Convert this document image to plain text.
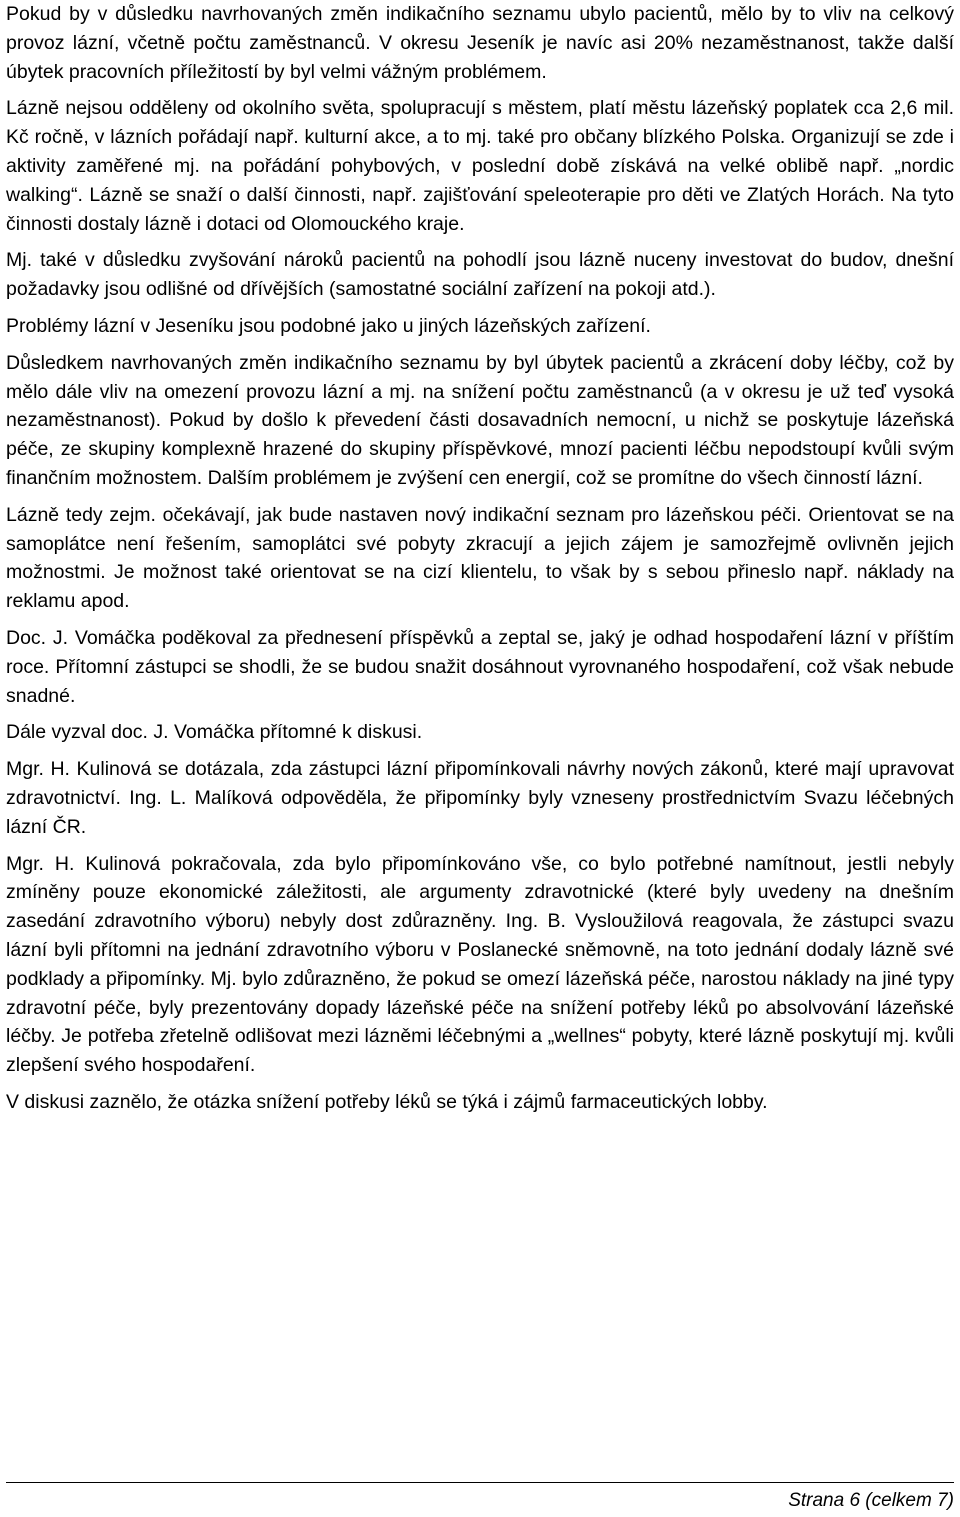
Pokud by v důsledku navrhovaných změn indikačního seznamu ubylo pacientů, mělo by to vliv na celkový provoz lázní, včetně počtu zaměstnanců. V okresu Jeseník je navíc asi 20% nezaměstnanost, takže další úbytek pracovních příležitostí by byl velmi vážným problémem.

Lázně nejsou odděleny od okolního světa, spolupracují s městem, platí městu lázeňský poplatek cca 2,6 mil. Kč ročně, v lázních pořádají např. kulturní akce, a to mj. také pro občany blízkého Polska. Organizují se zde i aktivity zaměřené mj. na pořádání pohybových, v poslední době získává na velké oblibě např. „nordic walking“. Lázně se snaží o další činnosti, např. zajišťování speleoterapie pro děti ve Zlatých Horách. Na tyto činnosti dostaly lázně i dotaci od Olomouckého kraje.

Mj. také v důsledku zvyšování nároků pacientů na pohodlí jsou lázně nuceny investovat do budov, dnešní požadavky jsou odlišné od dřívějších (samostatné sociální zařízení na pokoji atd.).

Problémy lázní v Jeseníku jsou podobné jako u jiných lázeňských zařízení.

Důsledkem navrhovaných změn indikačního seznamu by byl úbytek pacientů a zkrácení doby léčby, což by mělo dále vliv na omezení provozu lázní a mj. na snížení počtu zaměstnanců (a v okresu je už teď vysoká nezaměstnanost). Pokud by došlo k převedení části dosavadních nemocní, u nichž se poskytuje lázeňská péče, ze skupiny komplexně hrazené do skupiny příspěvkové, mnozí pacienti léčbu nepodstoupí kvůli svým finančním možnostem. Dalším problémem je zvýšení cen energií, což se promítne do všech činností lázní.

Lázně tedy zejm. očekávají, jak bude nastaven nový indikační seznam pro lázeňskou péči. Orientovat se na samoplátce není řešením, samoplátci své pobyty zkracují a jejich zájem je samozřejmě ovlivněn jejich možnostmi. Je možnost také orientovat se na cizí klientelu, to však by s sebou přineslo např. náklady na reklamu apod.

Doc. J. Vomáčka poděkoval za přednesení příspěvků a zeptal se, jaký je odhad hospodaření lázní v příštím roce. Přítomní zástupci se shodli, že se budou snažit dosáhnout vyrovnaného hospodaření, což však nebude snadné.

Dále vyzval doc. J. Vomáčka přítomné k diskusi.

Mgr. H. Kulinová se dotázala, zda zástupci lázní připomínkovali návrhy nových zákonů, které mají upravovat zdravotnictví. Ing. L. Malíková odpověděla, že připomínky byly vzneseny prostřednictvím Svazu léčebných lázní ČR.

Mgr. H. Kulinová pokračovala, zda bylo připomínkováno vše, co bylo potřebné namítnout, jestli nebyly zmíněny pouze ekonomické záležitosti, ale argumenty zdravotnické (které byly uvedeny na dnešním zasedání zdravotního výboru) nebyly dost zdůrazněny. Ing. B. Vysloužilová reagovala, že zástupci svazu lázní byli přítomni na jednání zdravotního výboru v Poslanecké sněmovně, na toto jednání dodaly lázně své podklady a připomínky. Mj. bylo zdůrazněno, že pokud se omezí lázeňská péče, narostou náklady na jiné typy zdravotní péče, byly prezentovány dopady lázeňské péče na snížení potřeby léků po absolvování lázeňské léčby. Je potřeba zřetelně odlišovat mezi lázněmi léčebnými a „wellnes“ pobyty, které lázně poskytují mj. kvůli zlepšení svého hospodaření.

V diskusi zaznělo, že otázka snížení potřeby léků se týká i zájmů farmaceutických lobby.

Strana 6 (celkem 7)
